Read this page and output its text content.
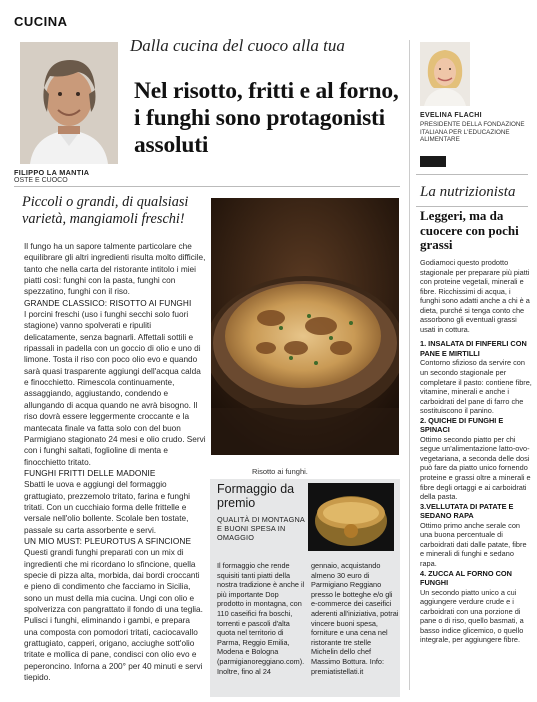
CUCINA
FILIPPO LA MANTIA
OSTE E CUOCO
Dalla cucina del cuoco alla tua
Nel risotto, fritti e al forno, i funghi sono protagonisti assoluti
EVELINA FLACHI
PRESIDENTE DELLA FONDAZIONE ITALIANA PER L'EDUCAZIONE ALIMENTARE
Piccoli o grandi, di qualsiasi varietà, mangiamoli freschi!

Il fungo ha un sapore talmente particolare che equilibrare gli altri ingredienti risulta molto difficile, tanto che nella carta del ristorante intitolo i miei piatti così: funghi con la pasta, funghi con spezzatino, funghi con il riso.

GRANDE CLASSICO: RISOTTO AI FUNGHI

I porcini freschi (uso i funghi secchi solo fuori stagione) vanno spolverati e ripuliti delicatamente, senza bagnarli. Affettali sottili e ripassali in padella con un goccio di olio e uno di limone. Tosta il riso con poco olio evo e quando sarà quasi trasparente aggiungi dell'acqua calda e finocchietto. Rimescola continuamente, assaggiando, aggiustando, condendo e allungando di acqua quando ne avrà bisogno. Il riso dovrà essere leggermente croccante e la mantecata finale va fatta solo con del buon Parmigiano stagionato 24 mesi e olio crudo. Servi con i funghi saltati, foglioline di menta e finocchietto tritato.

FUNGHI FRITTI DELLE MADONIE

Sbatti le uova e aggiungi del formaggio grattugiato, prezzemolo tritato, farina e funghi tritati. Con un cucchiaio forma delle frittelle e versale nell'olio bollente. Scolale ben tostate, passale su carta assorbente e servi.

UN MIO MUST: PLEUROTUS A SFINCIONE

Questi grandi funghi preparati con un mix di ingredienti che mi ricordano lo sfincione, quella specie di pizza alta, morbida, dai bordi croccanti e pieno di condimento che facciamo in Sicilia, sono un must della mia cucina. Ungi con olio e spolverizza con pangrattato il fondo di una teglia. Pulisci i funghi, eliminando i gambi, e prepara una composta con pomodori tritati, caciocavallo grattugiato, capperi, origano, acciughe sott'olio tritate e mollica di pane, condisci con olio evo e peperoncino. Inforna a 200° per 40 minuti e servi tiepido.

Risotto ai funghi.
Formaggio da premio
QUALITÀ DI MONTAGNA E BUONI SPESA IN OMAGGIO
Il formaggio che rende squisiti tanti piatti della nostra tradizione è anche il più importante Dop prodotto in montagna, con 110 caseifici fra boschi, torrenti e pascoli d'alta quota nel territorio di Parma, Reggio Emilia, Modena e Bologna (parmigianoreggiano.com). Inoltre, fino al 24
gennaio, acquistando almeno 30 euro di Parmigiano Reggiano presso le botteghe e/o gli e-commerce dei caseifici aderenti all'iniziativa, potrai vincere buoni spesa, forniture e una cena nel ristorante tre stelle Michelin dello chef Massimo Bottura. Info: premiatistellati.it
La nutrizionista
Leggeri, ma da cuocere con pochi grassi

Godiamoci questo prodotto stagionale per preparare più piatti con proteine vegetali, minerali e fibre. Ricchissimi di acqua, i funghi sono adatti anche a chi è a dieta, purché si tenga conto che assorbono gli eventuali grassi usati in cottura.

1. INSALATA DI FINFERLI CON PANE E MIRTILLI

Contorno sfizioso da servire con un secondo stagionale per completare il pasto: contiene fibre, vitamine, minerali e anche i carboidrati del pane di farro che sostituiscono il panino.

2. QUICHE DI FUNGHI E SPINACI

Ottimo secondo piatto per chi segue un'alimentazione latto-ovo-vegetariana, a seconda delle dosi può fare da piatto unico fornendo proteine e grassi oltre a minerali e fibre degli ortaggi e ai carboidrati della pasta.

3.VELLUTATA DI PATATE E SEDANO RAPA

Ottimo primo anche serale con una buona percentuale di carboidrati dati dalle patate, fibre e minerali di funghi e sedano rapa.

4. ZUCCA AL FORNO CON FUNGHI

Un secondo piatto unico a cui aggiungere verdure crude e i carboidrati con una porzione di pane o di riso, quello basmati, a basso indice glicemico, o quello integrale, per aggiungere fibre.
